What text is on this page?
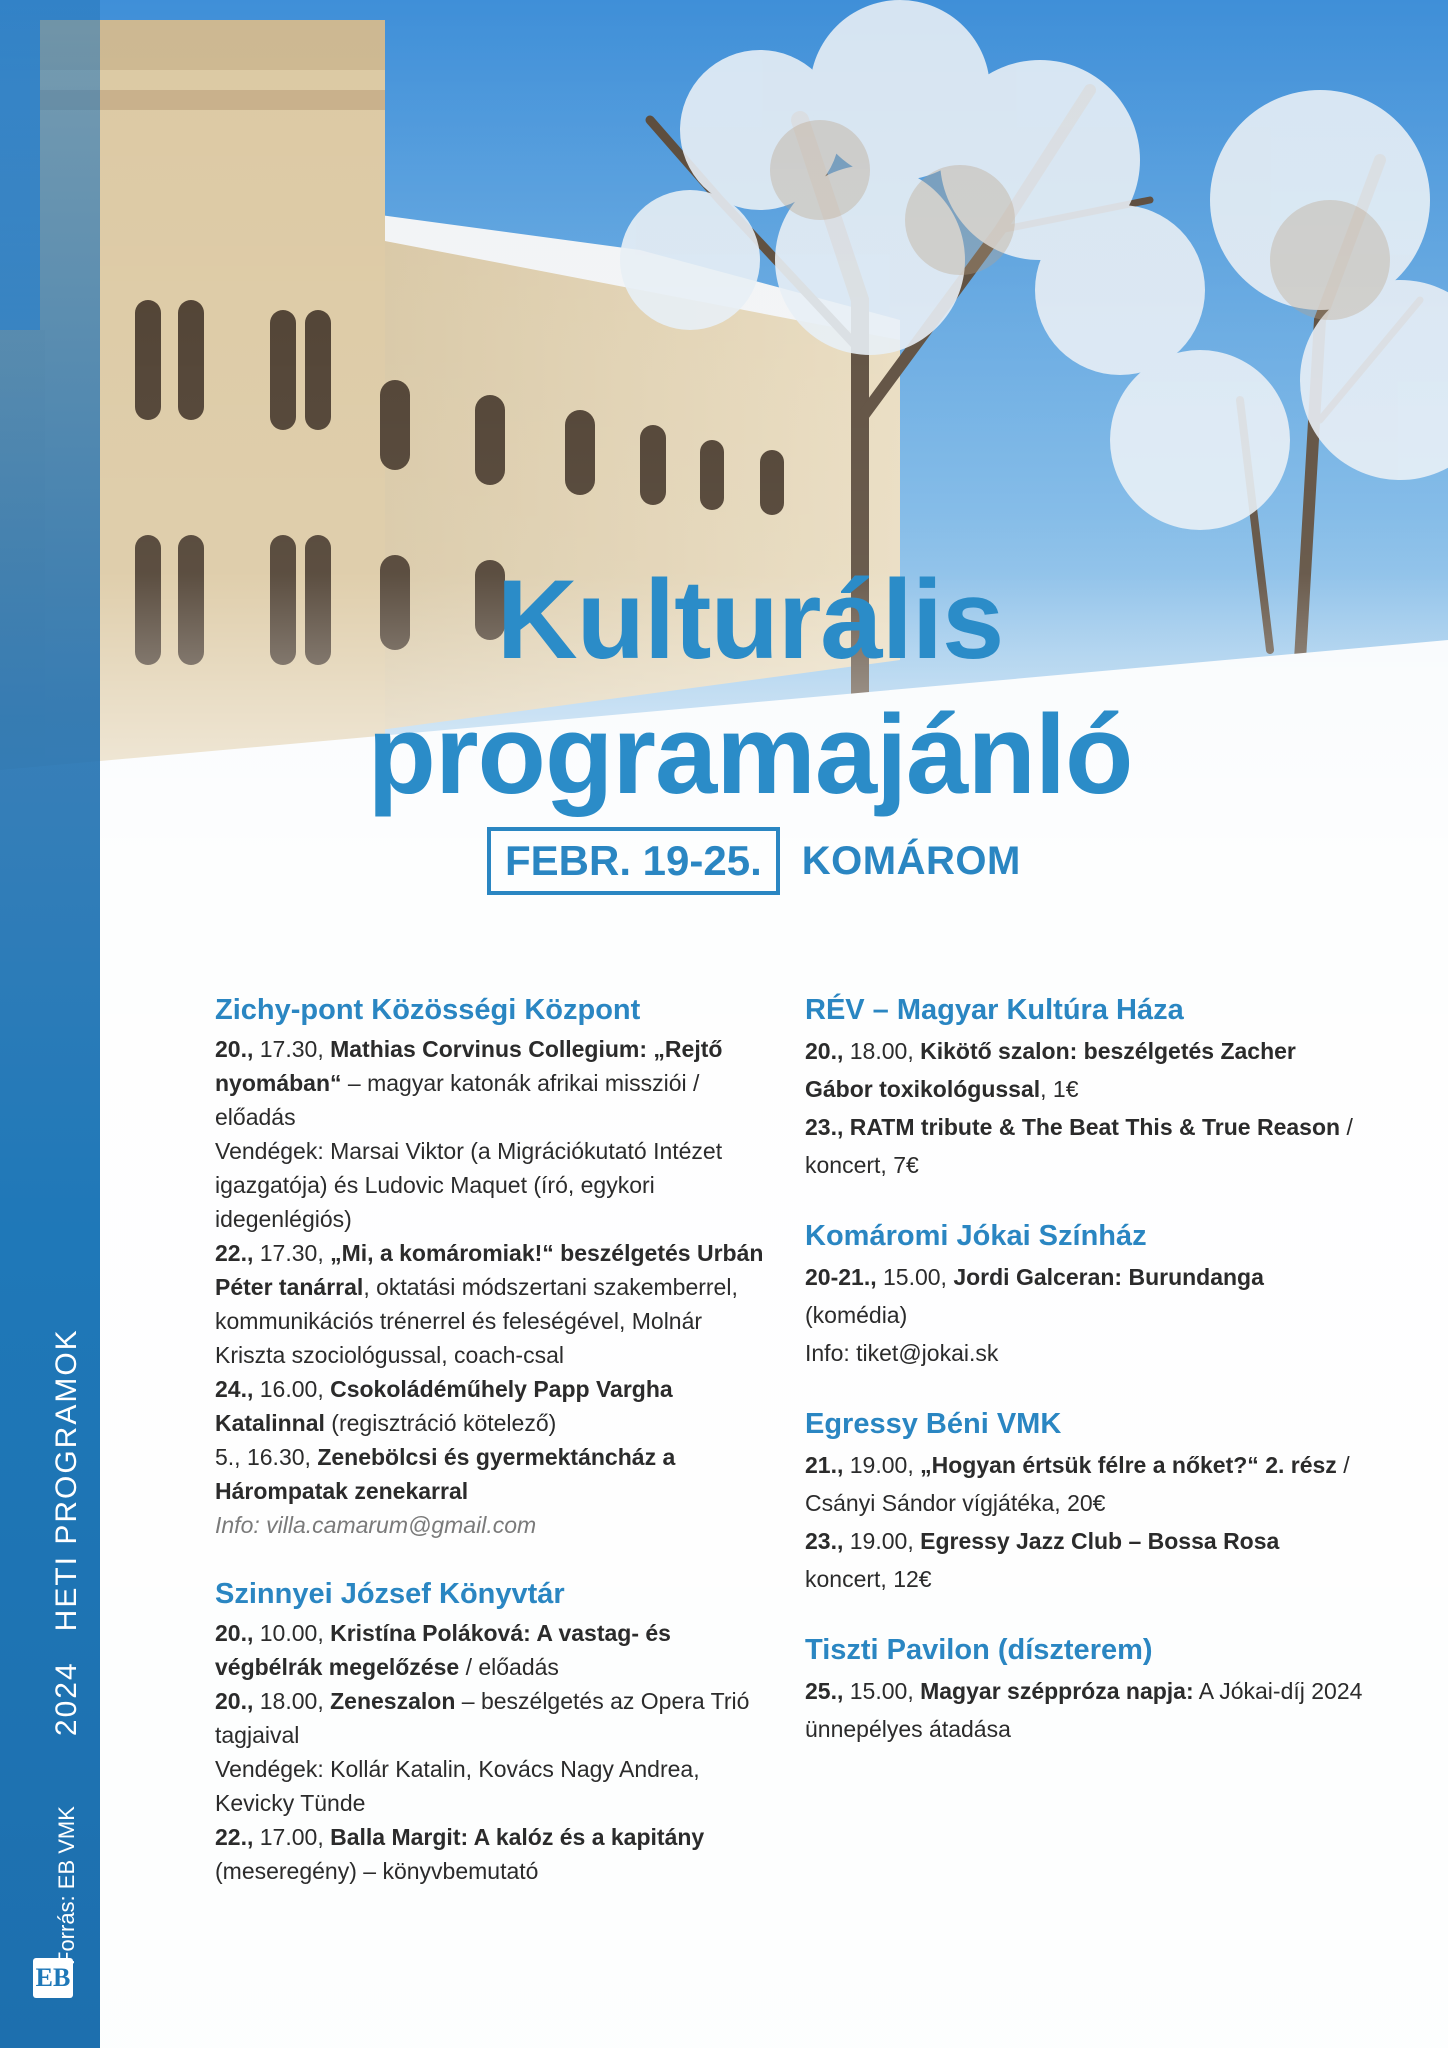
EB
Forrás: EB VMK
2024
HETI PROGRAMOK
Kulturális
programajánló
FEBR. 19-25.	KOMÁROM
Zichy-pont Közösségi Központ

20., 17.30, Mathias Corvinus Collegium: „Rejtő nyomában“ – magyar katonák afrikai missziói / előadás

Vendégek: Marsai Viktor (a Migrációkutató Intézet igazgatója) és Ludovic Maquet (író, egykori idegenlégiós)

22., 17.30, „Mi, a komáromiak!“ beszélgetés Urbán Péter tanárral, oktatási módszertani szakemberrel, kommunikációs trénerrel és feleségével, Molnár Kriszta szociológussal, coach-csal

24., 16.00, Csokoládéműhely Papp Vargha Katalinnal (regisztráció kötelező)

5., 16.30, Zenebölcsi és gyermektáncház a Hárompatak zenekarral

Info: villa.camarum@gmail.com

Szinnyei József Könyvtár

20., 10.00, Kristína Poláková: A vastag- és végbélrák megelőzése / előadás

20., 18.00, Zeneszalon – beszélgetés az Opera Trió tagjaival

Vendégek: Kollár Katalin, Kovács Nagy Andrea, Kevicky Tünde

22., 17.00, Balla Margit: A kalóz és a kapitány (meseregény) – könyvbemutató

RÉV – Magyar Kultúra Háza

20., 18.00, Kikötő szalon: beszélgetés Zacher Gábor toxikológussal, 1€

23., RATM tribute & The Beat This & True Reason / koncert, 7€

Komáromi Jókai Színház

20-21., 15.00, Jordi Galceran: Burundanga (komédia)

Info: tiket@jokai.sk

Egressy Béni VMK

21., 19.00, „Hogyan értsük félre a nőket?“ 2. rész / Csányi Sándor vígjátéka, 20€

23., 19.00, Egressy Jazz Club – Bossa Rosa koncert, 12€

Tiszti Pavilon (díszterem)

25., 15.00, Magyar széppróza napja: A Jókai-díj 2024 ünnepélyes átadása
